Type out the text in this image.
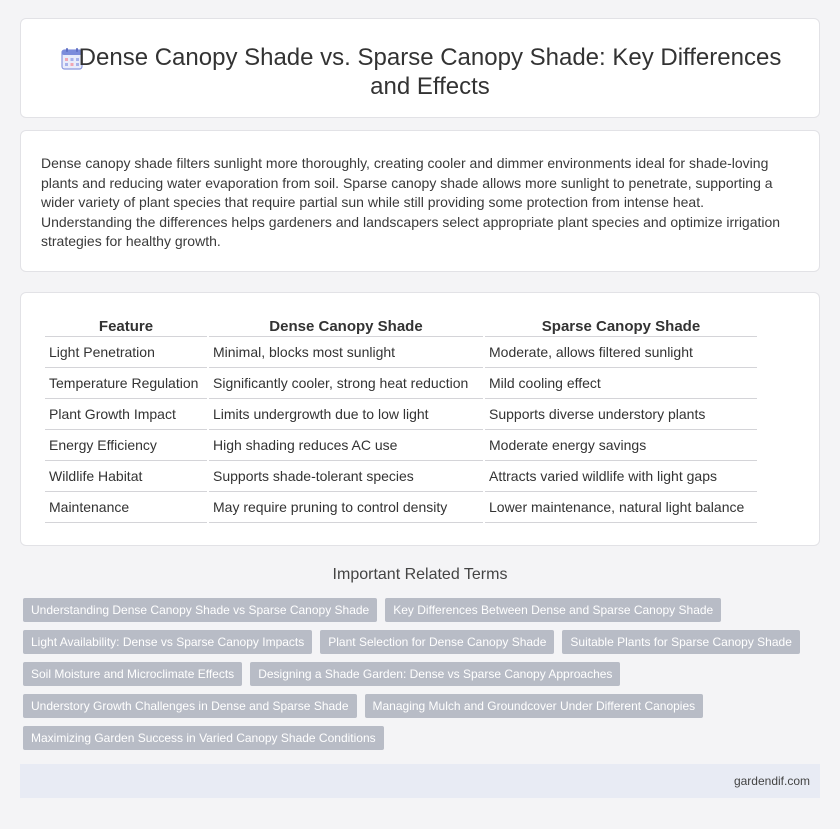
Dense Canopy Shade vs. Sparse Canopy Shade: Key Differences and Effects

Dense canopy shade filters sunlight more thoroughly, creating cooler and dimmer environments ideal for shade-loving plants and reducing water evaporation from soil. Sparse canopy shade allows more sunlight to penetrate, supporting a wider variety of plant species that require partial sun while still providing some protection from intense heat. Understanding the differences helps gardeners and landscapers select appropriate plant species and optimize irrigation strategies for healthy growth.

Feature	Dense Canopy Shade	Sparse Canopy Shade
Light Penetration	Minimal, blocks most sunlight	Moderate, allows filtered sunlight
Temperature Regulation	Significantly cooler, strong heat reduction	Mild cooling effect
Plant Growth Impact	Limits undergrowth due to low light	Supports diverse understory plants
Energy Efficiency	High shading reduces AC use	Moderate energy savings
Wildlife Habitat	Supports shade-tolerant species	Attracts varied wildlife with light gaps
Maintenance	May require pruning to control density	Lower maintenance, natural light balance
Important Related Terms
Understanding Dense Canopy Shade vs Sparse Canopy Shade	Key Differences Between Dense and Sparse Canopy Shade
Light Availability: Dense vs Sparse Canopy Impacts	Plant Selection for Dense Canopy Shade	Suitable Plants for Sparse Canopy Shade
Soil Moisture and Microclimate Effects	Designing a Shade Garden: Dense vs Sparse Canopy Approaches
Understory Growth Challenges in Dense and Sparse Shade	Managing Mulch and Groundcover Under Different Canopies
Maximizing Garden Success in Varied Canopy Shade Conditions
gardendif.com
